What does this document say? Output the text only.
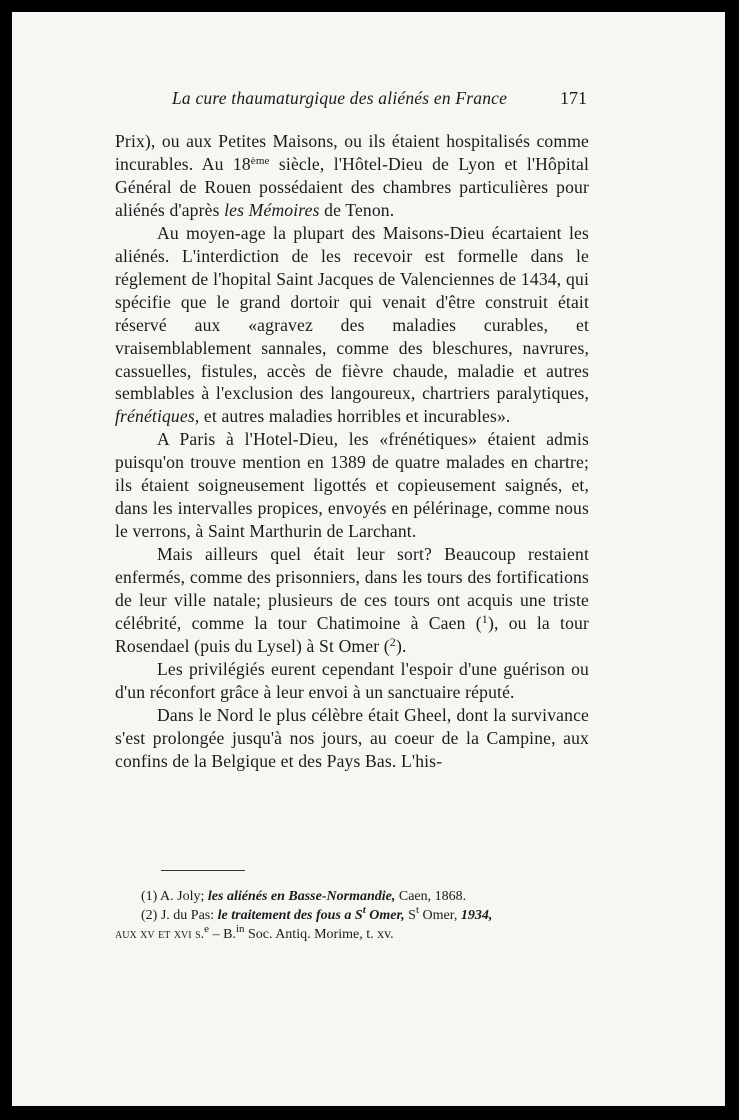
La cure thaumaturgique des aliénés en France	171

Prix), ou aux Petites Maisons, ou ils étaient hospitalisés comme incurables. Au 18ème siècle, l'Hôtel-Dieu de Lyon et l'Hôpital Général de Rouen possédaient des chambres particulières pour aliénés d'après les Mémoires de Tenon.

Au moyen-age la plupart des Maisons-Dieu écartaient les aliénés. L'interdiction de les recevoir est formelle dans le réglement de l'hopital Saint Jacques de Valenciennes de 1434, qui spécifie que le grand dortoir qui venait d'être construit était réservé aux «agravez des maladies curables, et vraisemblablement sannales, comme des bleschures, navrures, cassuelles, fistules, accès de fièvre chaude, maladie et autres semblables à l'exclusion des langoureux, chartriers paralytiques, frénétiques, et autres maladies horribles et incurables».

A Paris à l'Hotel-Dieu, les «frénétiques» étaient admis puisqu'on trouve mention en 1389 de quatre malades en chartre; ils étaient soigneusement ligottés et copieusement saignés, et, dans les intervalles propices, envoyés en pélérinage, comme nous le verrons, à Saint Marthurin de Larchant.

Mais ailleurs quel était leur sort? Beaucoup restaient enfermés, comme des prisonniers, dans les tours des fortifications de leur ville natale; plusieurs de ces tours ont acquis une triste célébrité, comme la tour Chatimoine à Caen ($^1$), ou la tour Rosendael (puis du Lysel) à St Omer ($^2$).

Les privilégiés eurent cependant l'espoir d'une guérison ou d'un réconfort grâce à leur envoi à un sanctuaire réputé.

Dans le Nord le plus célèbre était Gheel, dont la survivance s'est prolongée jusqu'à nos jours, au coeur de la Campine, aux confins de la Belgique et des Pays Bas. L'his-

(1) A. Joly; les aliénés en Basse-Normandie, Caen, 1868.

(2) J. du Pas: le traitement des fous a $S^t$ Omer, $S^t$ Omer, 1934,

aux xv et xvi s.$^e$ – B.$^{in}$ Soc. Antiq. Morime, t. xv.
